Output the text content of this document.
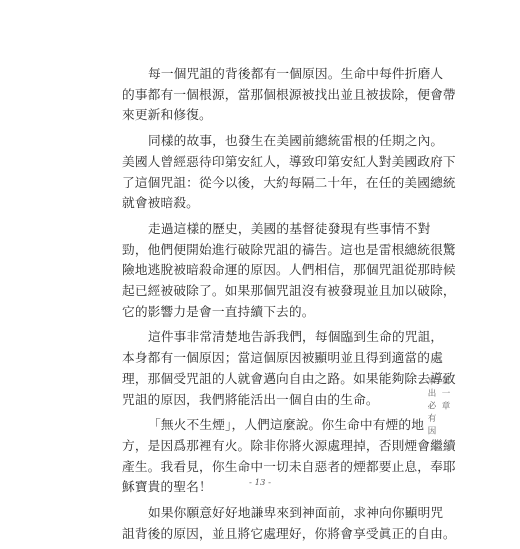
每一個咒詛的背後都有一個原因。生命中每件折磨人
的事都有一個根源，當那個根源被找出並且被拔除，便會帶
來更新和修復。
同樣的故事，也發生在美國前總統雷根的任期之內。
美國人曾經惡待印第安紅人，導致印第安紅人對美國政府下
了這個咒詛：從今以後，大約每隔二十年，在任的美國總統
就會被暗殺。
走過這樣的歷史，美國的基督徒發現有些事情不對
勁，他們便開始進行破除咒詛的禱告。這也是雷根總統很驚
險地逃脫被暗殺命運的原因。人們相信，那個咒詛從那時候
起已經被破除了。如果那個咒詛沒有被發現並且加以破除，
它的影響力是會一直持續下去的。
這件事非常清楚地告訴我們，每個臨到生命的咒詛，
本身都有一個原因；當這個原因被顯明並且得到適當的處
理，那個受咒詛的人就會邁向自由之路。如果能夠除去導致
咒詛的原因，我們將能活出一個自由的生命。
「無火不生煙」，人們這麼說。你生命中有煙的地
方，是因爲那裡有火。除非你將火源處理掉，否則煙會繼續
產生。我看見，你生命中一切未自惡者的煙都要止息，奉耶
穌寶貴的聖名！
如果你願意好好地謙卑來到神面前，求神向你顯明咒
詛背後的原因，並且將它處理好，你將會享受眞正的自由。
第一章
事出必有因
- 13 -
